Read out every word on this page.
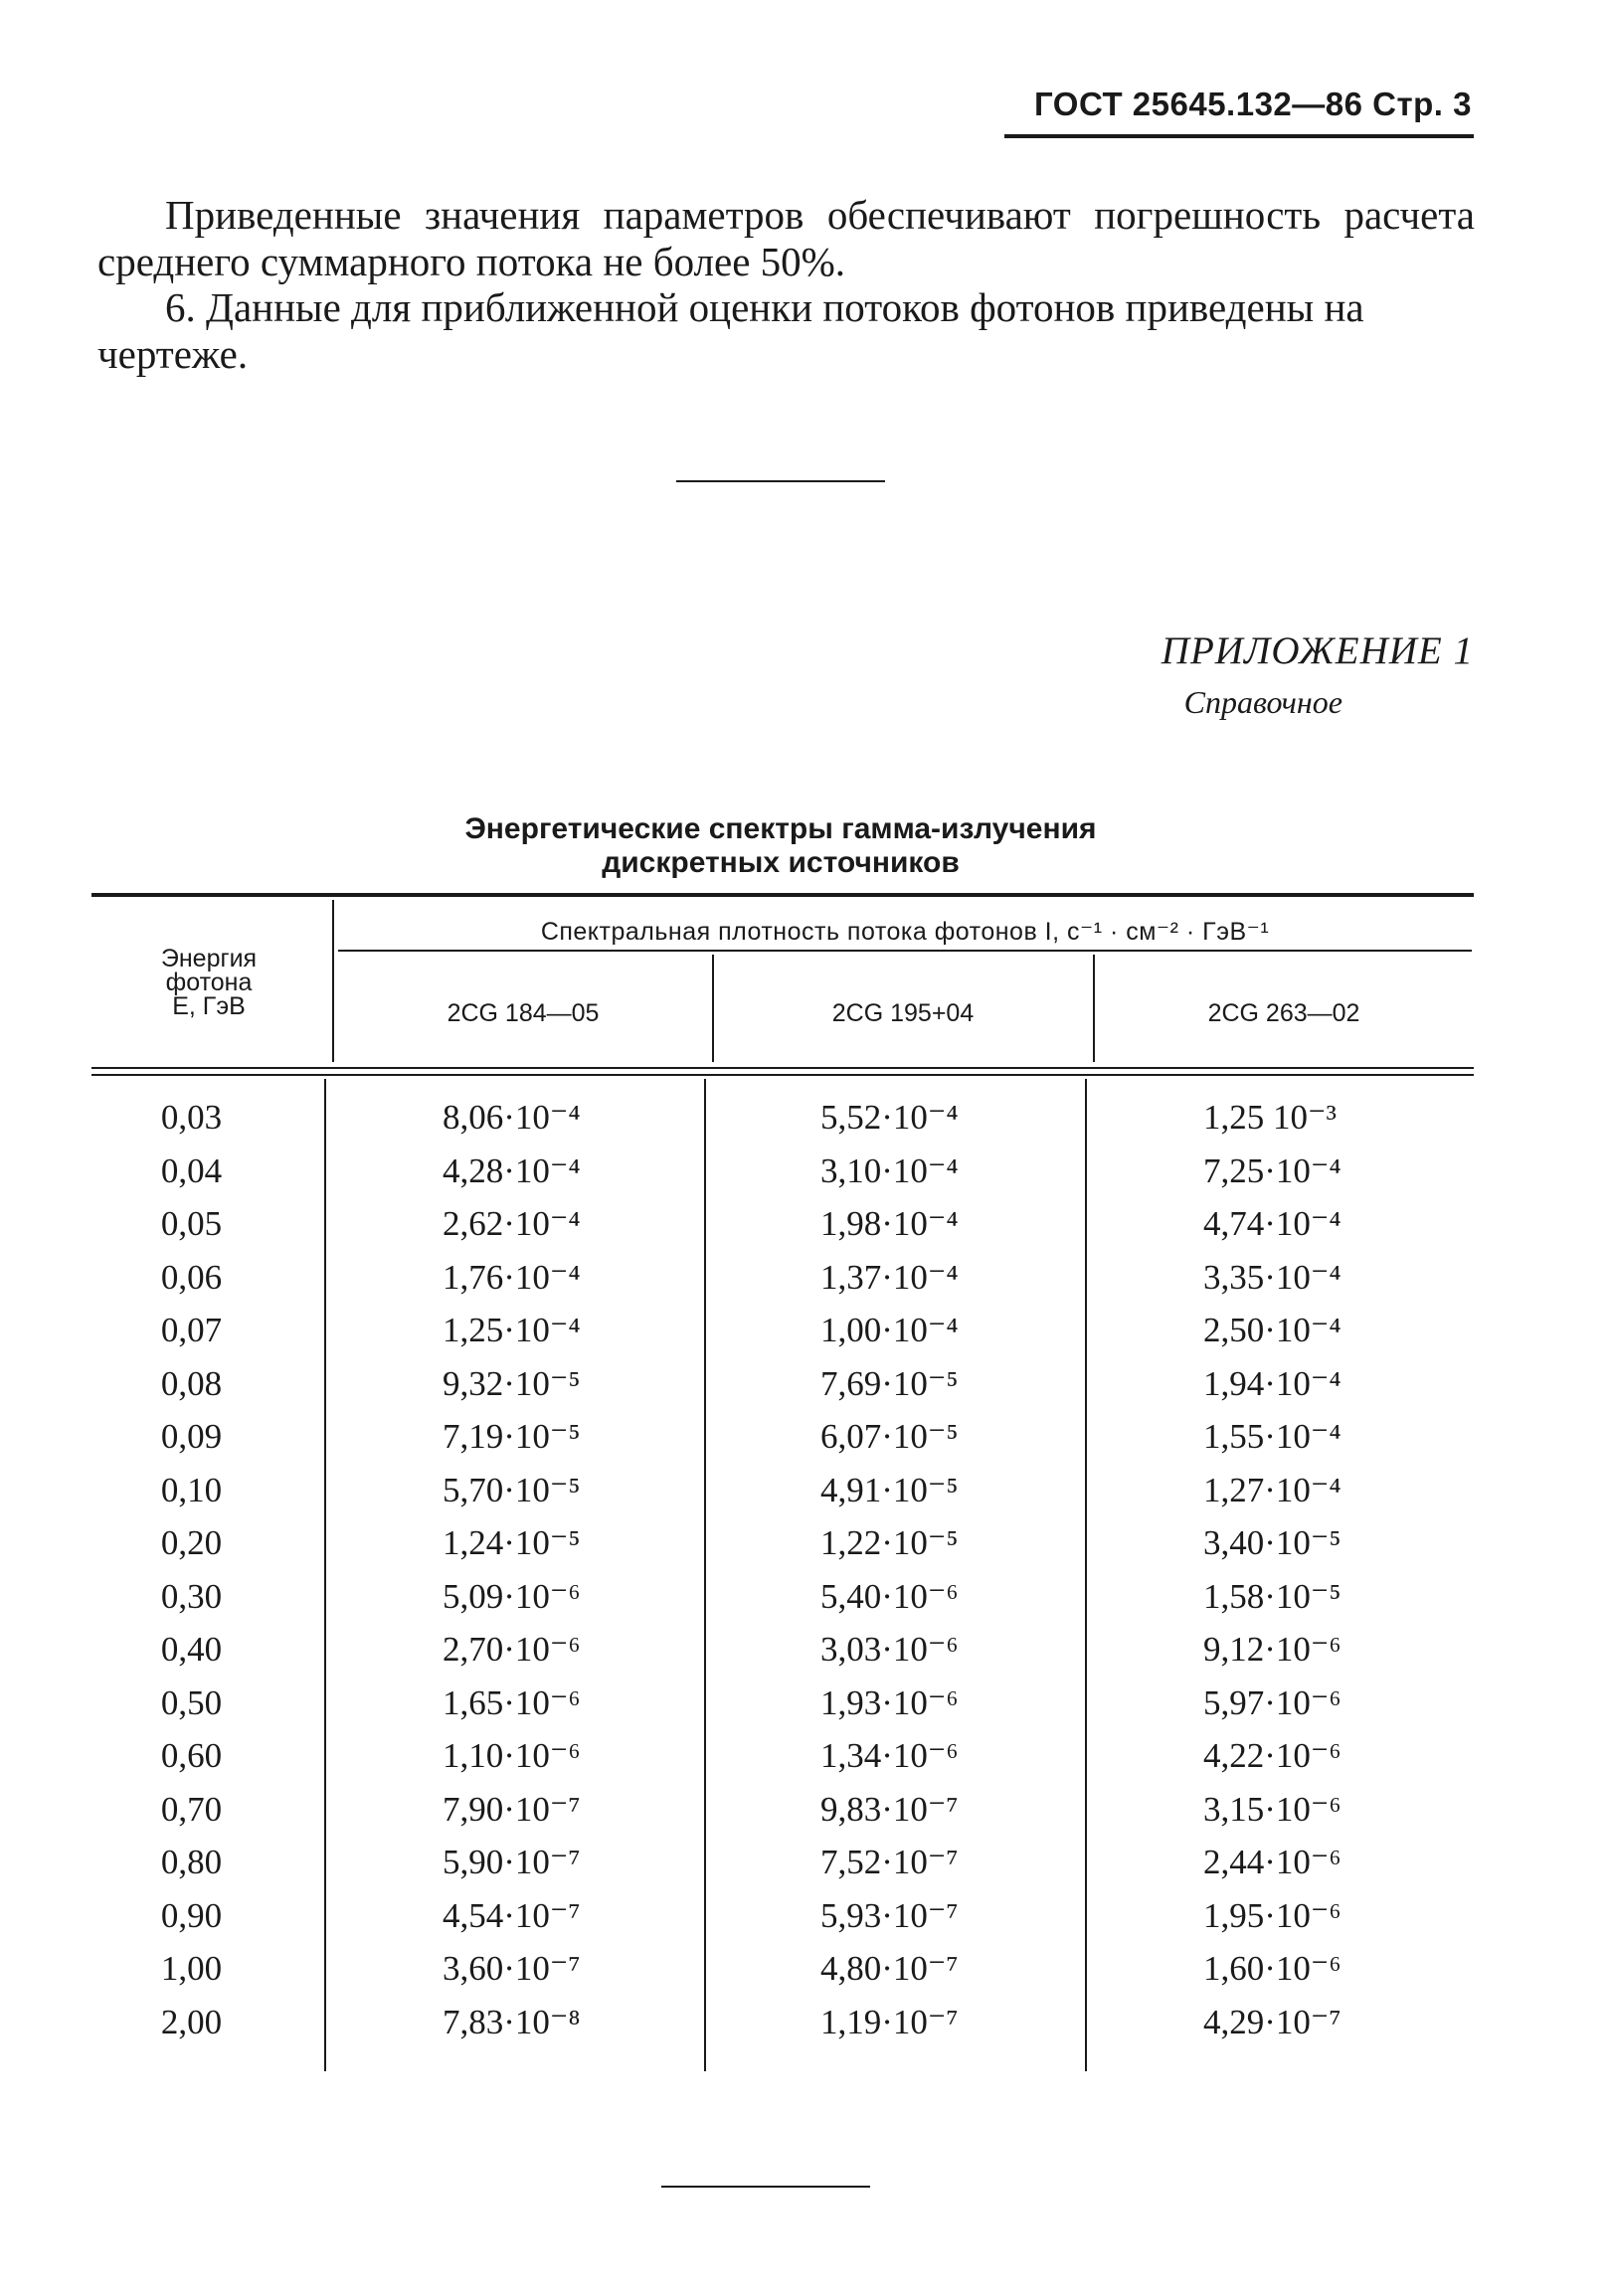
ГОСТ 25645.132—86 Стр. 3
Приведенные значения параметров обеспечивают погрешность расчета среднего суммарного потока не более 50%.
6. Данные для приближенной оценки потоков фотонов приведены на чертеже.
ПРИЛОЖЕНИЕ 1
Справочное
Энергетические спектры гамма-излучения
дискретных источников
Энергия
фотона
E, ГэВ
Спектральная плотность потока фотонов I, с⁻¹ · см⁻² · ГэВ⁻¹
2CG 184—05	2CG 195+04	2CG 263—02
0,03	8,06·10⁻⁴	5,52·10⁻⁴	1,25 10⁻³
0,04	4,28·10⁻⁴	3,10·10⁻⁴	7,25·10⁻⁴
0,05	2,62·10⁻⁴	1,98·10⁻⁴	4,74·10⁻⁴
0,06	1,76·10⁻⁴	1,37·10⁻⁴	3,35·10⁻⁴
0,07	1,25·10⁻⁴	1,00·10⁻⁴	2,50·10⁻⁴
0,08	9,32·10⁻⁵	7,69·10⁻⁵	1,94·10⁻⁴
0,09	7,19·10⁻⁵	6,07·10⁻⁵	1,55·10⁻⁴
0,10	5,70·10⁻⁵	4,91·10⁻⁵	1,27·10⁻⁴
0,20	1,24·10⁻⁵	1,22·10⁻⁵	3,40·10⁻⁵
0,30	5,09·10⁻⁶	5,40·10⁻⁶	1,58·10⁻⁵
0,40	2,70·10⁻⁶	3,03·10⁻⁶	9,12·10⁻⁶
0,50	1,65·10⁻⁶	1,93·10⁻⁶	5,97·10⁻⁶
0,60	1,10·10⁻⁶	1,34·10⁻⁶	4,22·10⁻⁶
0,70	7,90·10⁻⁷	9,83·10⁻⁷	3,15·10⁻⁶
0,80	5,90·10⁻⁷	7,52·10⁻⁷	2,44·10⁻⁶
0,90	4,54·10⁻⁷	5,93·10⁻⁷	1,95·10⁻⁶
1,00	3,60·10⁻⁷	4,80·10⁻⁷	1,60·10⁻⁶
2,00	7,83·10⁻⁸	1,19·10⁻⁷	4,29·10⁻⁷
